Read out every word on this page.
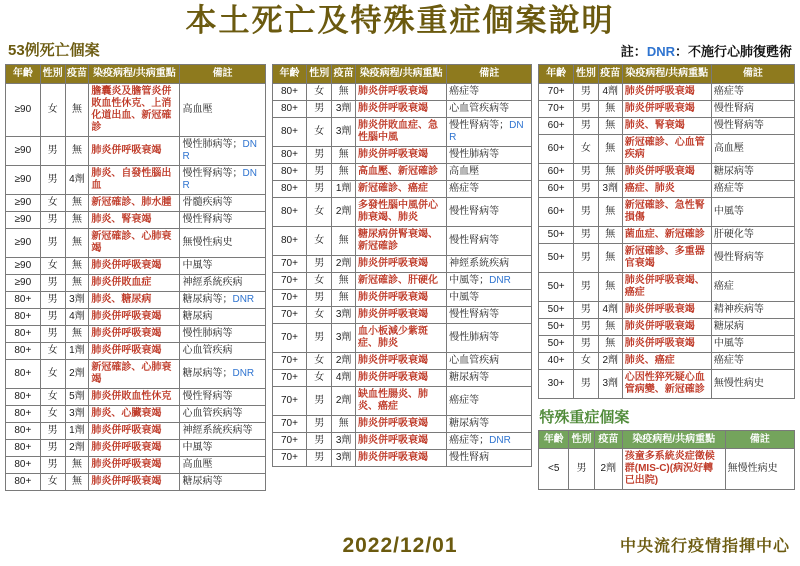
本土死亡及特殊重症個案說明
53例死亡個案	註：DNR：不施行心肺復甦術
年齡	性別	疫苗	染疫病程/共病重點	備註
≥90	女	無	膽囊炎及膽管炎併敗血性休克、上消化道出血、新冠確診	高血壓
≥90	男	無	肺炎併呼吸衰竭	慢性肺病等；DNR
≥90	男	4劑	肺炎、自發性腦出血	慢性腎病等；DNR
≥90	女	無	新冠確診、肺水腫	骨髓疾病等
≥90	男	無	肺炎、腎衰竭	慢性腎病等
≥90	男	無	新冠確診、心肺衰竭	無慢性病史
≥90	女	無	肺炎併呼吸衰竭	中風等
≥90	男	無	肺炎併敗血症	神經系統疾病
80+	男	3劑	肺炎、糖尿病	糖尿病等；DNR
80+	男	4劑	肺炎併呼吸衰竭	糖尿病
80+	男	無	肺炎併呼吸衰竭	慢性肺病等
80+	女	1劑	肺炎併呼吸衰竭	心血管疾病
80+	女	2劑	新冠確診、心肺衰竭	糖尿病等；DNR
80+	女	5劑	肺炎併敗血性休克	慢性腎病等
80+	女	3劑	肺炎、心臟衰竭	心血管疾病等
80+	男	1劑	肺炎併呼吸衰竭	神經系統疾病等
80+	男	2劑	肺炎併呼吸衰竭	中風等
80+	男	無	肺炎併呼吸衰竭	高血壓
80+	女	無	肺炎併呼吸衰竭	糖尿病等
年齡	性別	疫苗	染疫病程/共病重點	備註
80+	女	無	肺炎併呼吸衰竭	癌症等
80+	男	3劑	肺炎併呼吸衰竭	心血管疾病等
80+	女	3劑	肺炎併敗血症、急性腦中風	慢性腎病等；DNR
80+	男	無	肺炎併呼吸衰竭	慢性肺病等
80+	男	無	高血壓、新冠確診	高血壓
80+	男	1劑	新冠確診、癌症	癌症等
80+	女	2劑	多發性腦中風併心肺衰竭、肺炎	慢性腎病等
80+	女	無	糖尿病併腎衰竭、新冠確診	慢性腎病等
70+	男	2劑	肺炎併呼吸衰竭	神經系統疾病
70+	女	無	新冠確診、肝硬化	中風等；DNR
70+	男	無	肺炎併呼吸衰竭	中風等
70+	女	3劑	肺炎併呼吸衰竭	慢性腎病等
70+	男	3劑	血小板減少紫斑症、肺炎	慢性肺病等
70+	女	2劑	肺炎併呼吸衰竭	心血管疾病
70+	女	4劑	肺炎併呼吸衰竭	糖尿病等
70+	男	2劑	缺血性腸炎、肺炎、癌症	癌症等
70+	男	無	肺炎併呼吸衰竭	糖尿病等
70+	男	3劑	肺炎併呼吸衰竭	癌症等；DNR
70+	男	3劑	肺炎併呼吸衰竭	慢性腎病
年齡	性別	疫苗	染疫病程/共病重點	備註
70+	男	4劑	肺炎併呼吸衰竭	癌症等
70+	男	無	肺炎併呼吸衰竭	慢性腎病
60+	男	無	肺炎、腎衰竭	慢性腎病等
60+	女	無	新冠確診、心血管疾病	高血壓
60+	男	無	肺炎併呼吸衰竭	糖尿病等
60+	男	3劑	癌症、肺炎	癌症等
60+	男	無	新冠確診、急性腎損傷	中風等
50+	男	無	菌血症、新冠確診	肝硬化等
50+	男	無	新冠確診、多重器官衰竭	慢性腎病等
50+	男	無	肺炎併呼吸衰竭、癌症	癌症
50+	男	4劑	肺炎併呼吸衰竭	精神疾病等
50+	男	無	肺炎併呼吸衰竭	糖尿病
50+	男	無	肺炎併呼吸衰竭	中風等
40+	女	2劑	肺炎、癌症	癌症等
30+	男	3劑	心因性猝死疑心血管病變、新冠確診	無慢性病史
特殊重症個案
年齡	性別	疫苗	染疫病程/共病重點	備註
<5	男	2劑	孩童多系統炎症徵候群(MIS-C)(病況好轉已出院)	無慢性病史
2022/12/01	中央流行疫情指揮中心
